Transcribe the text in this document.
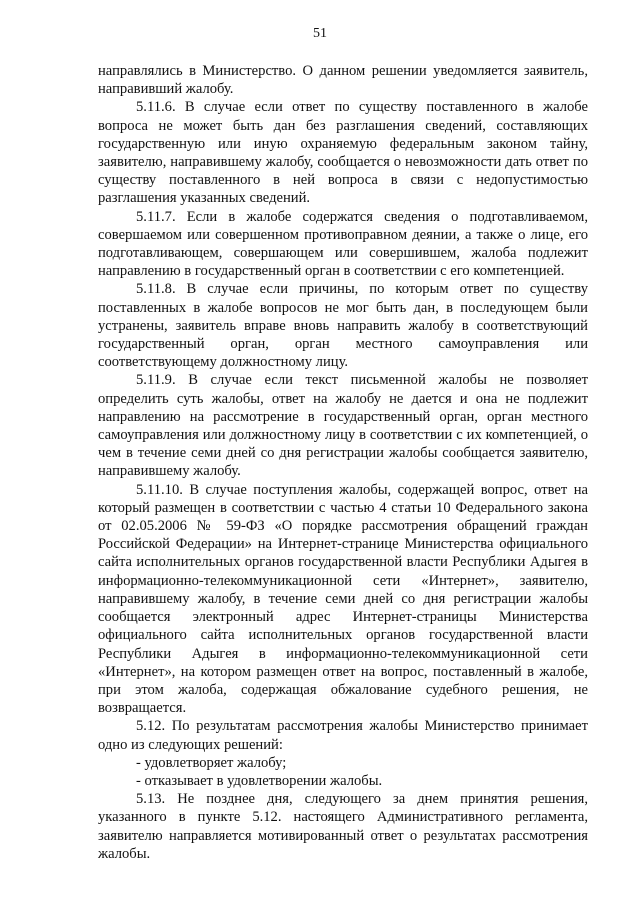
51

направлялись в Министерство. О данном решении уведомляется заявитель, направивший жалобу.

5.11.6. В случае если ответ по существу поставленного в жалобе вопроса не может быть дан без разглашения сведений, составляющих государственную или иную охраняемую федеральным законом тайну, заявителю, направившему жалобу, сообщается о невозможности дать ответ по существу поставленного в ней вопроса в связи с недопустимостью разглашения указанных сведений.

5.11.7. Если в жалобе содержатся сведения о подготавливаемом, совершаемом или совершенном противоправном деянии, а также о лице, его подготавливающем, совершающем или совершившем, жалоба подлежит направлению в государственный орган в соответствии с его компетенцией.

5.11.8. В случае если причины, по которым ответ по существу поставленных в жалобе вопросов не мог быть дан, в последующем были устранены, заявитель вправе вновь направить жалобу в соответствующий государственный орган, орган местного самоуправления или соответствующему должностному лицу.

5.11.9. В случае если текст письменной жалобы не позволяет определить суть жалобы, ответ на жалобу не дается и она не подлежит направлению на рассмотрение в государственный орган, орган местного самоуправления или должностному лицу в соответствии с их компетенцией, о чем в течение семи дней со дня регистрации жалобы сообщается заявителю, направившему жалобу.

5.11.10. В случае поступления жалобы, содержащей вопрос, ответ на который размещен в соответствии с частью 4 статьи 10 Федерального закона от 02.05.2006 № 59-ФЗ «О порядке рассмотрения обращений граждан Российской Федерации» на Интернет-странице Министерства официального сайта исполнительных органов государственной власти Республики Адыгея в информационно-телекоммуникационной сети «Интернет», заявителю, направившему жалобу, в течение семи дней со дня регистрации жалобы сообщается электронный адрес Интернет-страницы Министерства официального сайта исполнительных органов государственной власти Республики Адыгея в информационно-телекоммуникационной сети «Интернет», на котором размещен ответ на вопрос, поставленный в жалобе, при этом жалоба, содержащая обжалование судебного решения, не возвращается.

5.12. По результатам рассмотрения жалобы Министерство принимает одно из следующих решений:

- удовлетворяет жалобу;

- отказывает в удовлетворении жалобы.

5.13. Не позднее дня, следующего за днем принятия решения, указанного в пункте 5.12. настоящего Административного регламента, заявителю направляется мотивированный ответ о результатах рассмотрения жалобы.
